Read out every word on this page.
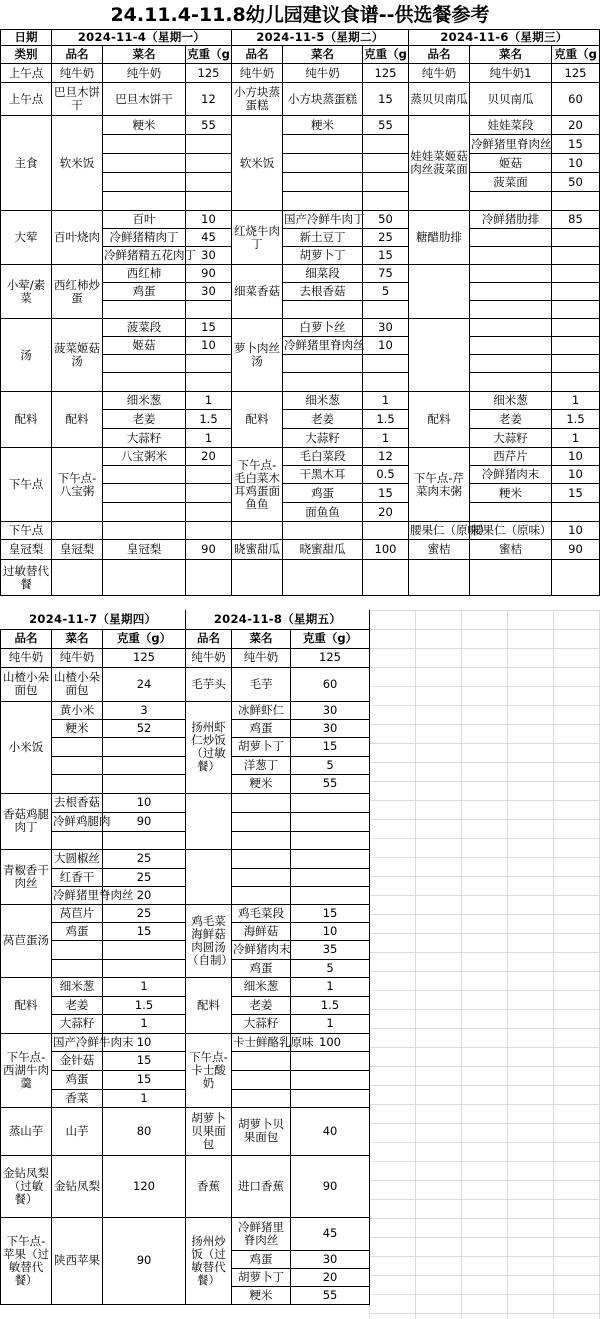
24.11.4-11.8幼儿园建议食谱--供选餐参考
日期	2024-11-4（星期一）			2024-11-5（星期二）			2024-11-6（星期三）		
类别	品名	菜名	克重（g	品名	菜名	克重（g	品名	菜名	克重（g
上午点	纯牛奶	纯牛奶	125	纯牛奶	纯牛奶	125	纯牛奶	纯牛奶1	125
上午点	巴旦木饼干	巴旦木饼干	12	小方块蒸蛋糕	小方块蒸蛋糕	15	蒸贝贝南瓜	贝贝南瓜	60
主食	软米饭	粳米	55	软米饭	粳米	55	娃娃菜姬菇肉丝菠菜面	娃娃菜段	20
								冷鲜猪里脊肉丝	15
								姬菇	10
								菠菜面	50

大荤	百叶烧肉	百叶	10	红烧牛肉丁	国产冷鲜牛肉丁	50	糖醋肋排	冷鲜猪肋排	85
		冷鲜猪精肉丁	45		新土豆丁	25			
		冷鲜猪精五花肉丁	30		胡萝卜丁	15			
小荤/素菜	西红柿炒蛋	西红柿	90	细菜香菇	细菜段	75			
		鸡蛋	30		去根香菇	5			

汤	菠菜姬菇汤	菠菜段	15	萝卜肉丝汤	白萝卜丝	30			
		姬菇	10		冷鲜猪里脊肉丝	10			

配料	配料	细米葱	1	配料	细米葱	1	配料	细米葱	1
		老姜	1.5		老姜	1.5		老姜	1.5
		大蒜籽	1		大蒜籽	1		大蒜籽	1
下午点	下午点-八宝粥	八宝粥米	20	下午点-毛白菜木耳鸡蛋面鱼鱼	毛白菜段	12	下午点-芹菜肉末粥	西芹片	10
					干黑木耳	0.5		冷鲜猪肉末	10
					鸡蛋	15		粳米	15
					面鱼鱼	20			
下午点							腰果仁（原味）	腰果仁（原味）	10
皇冠梨	皇冠梨	皇冠梨	90	晓蜜甜瓜	晓蜜甜瓜	100	蜜桔	蜜桔	90
过敏替代餐									
2024-11-7（星期四）			2024-11-8（星期五）		
品名	菜名	克重（g）	品名	菜名	克重（g）
纯牛奶	纯牛奶	125	纯牛奶	纯牛奶	125
山楂小朵面包	山楂小朵面包	24	毛芋头	毛芋	60
小米饭	黄小米	3	扬州虾仁炒饭（过敏餐）	冰鲜虾仁	30
	粳米	52		鸡蛋	30
				胡萝卜丁	15
				洋葱丁	5
				粳米	55
香菇鸡腿肉丁	去根香菇	10			
	冷鲜鸡腿肉	90			

青椒香干肉丝	大圆椒丝	25			
	红香干	25			
	冷鲜猪里脊肉丝	20			
莴苣蛋汤	莴苣片	25	鸡毛菜海鲜菇肉圆汤（自制）	鸡毛菜段	15
	鸡蛋	15		海鲜菇	10
				冷鲜猪肉末	35
				鸡蛋	5
配料	细米葱	1	配料	细米葱	1
	老姜	1.5		老姜	1.5
	大蒜籽	1		大蒜籽	1
下午点-西湖牛肉羹	国产冷鲜牛肉末	10	下午点-卡士酸奶	卡士鲜酪乳原味	100
	金针菇	15			
	鸡蛋	15			
	香菜	1			
蒸山芋	山芋	80	胡萝卜贝果面包	胡萝卜贝果面包	40
金钻凤梨（过敏餐）	金钻凤梨	120	香蕉	进口香蕉	90
下午点-苹果（过敏替代餐）	陕西苹果	90	扬州炒饭（过敏替代餐）	冷鲜猪里脊肉丝	45
				鸡蛋	30
				胡萝卜丁	20
				粳米	55
